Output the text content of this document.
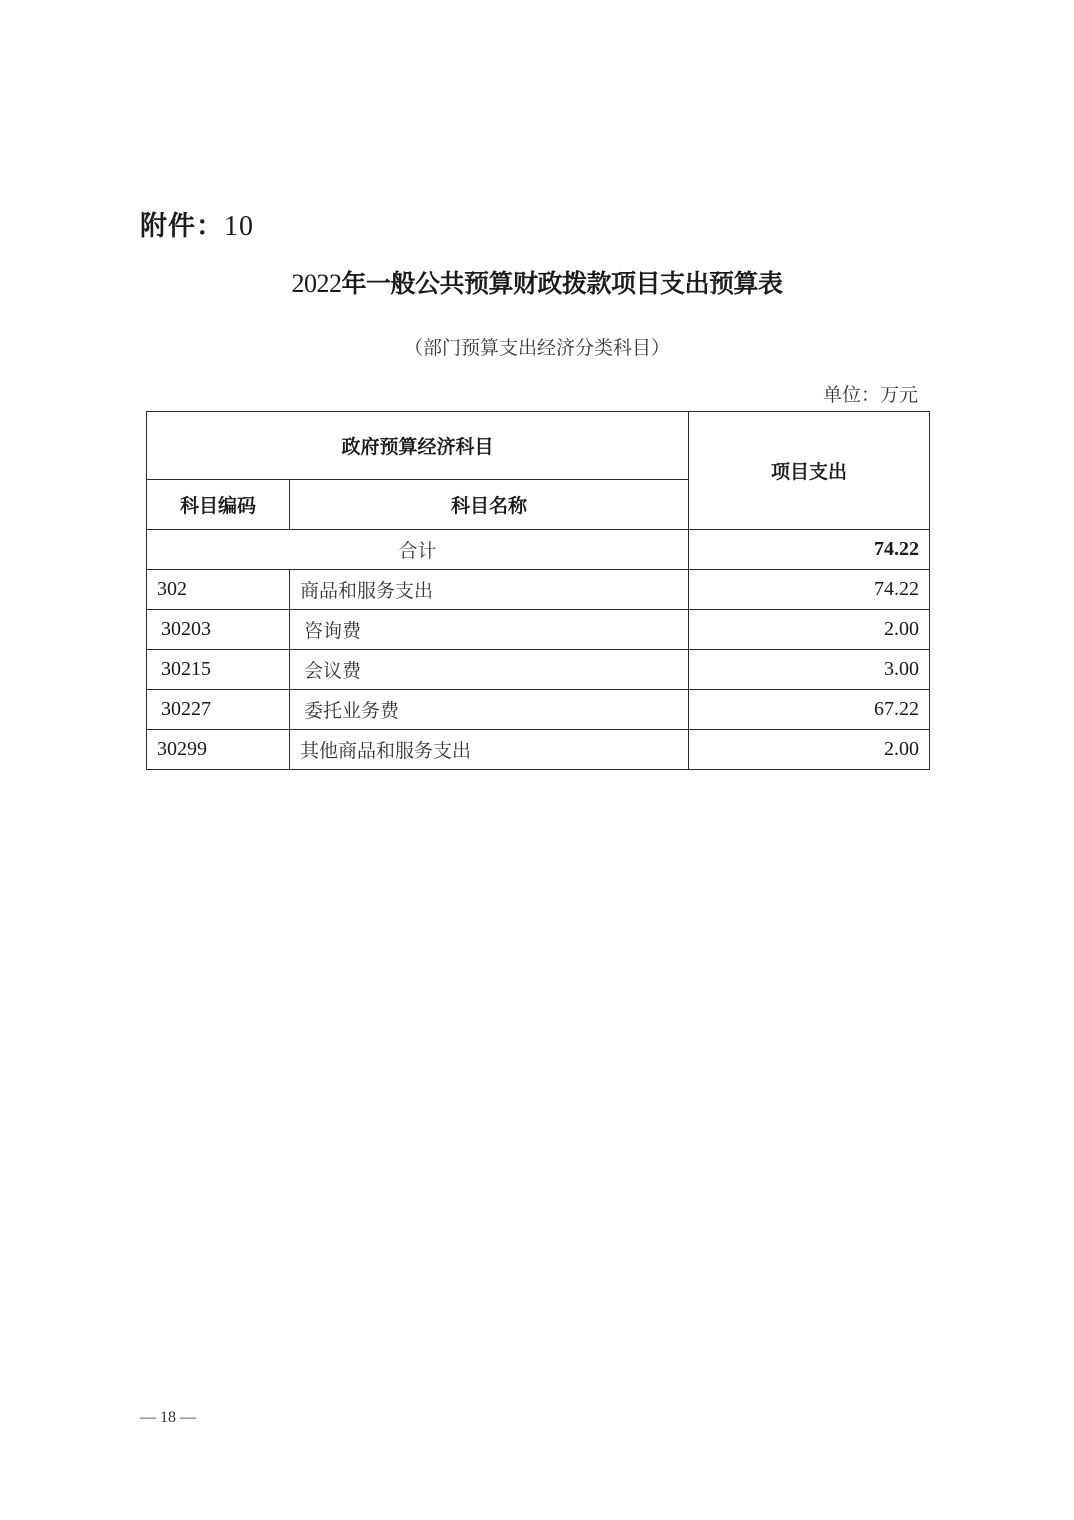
附件：10
2022年一般公共预算财政拨款项目支出预算表
（部门预算支出经济分类科目）
单位：万元
政府预算经济科目		项目支出
科目编码	科目名称	
合计		74.22
302	商品和服务支出	74.22
30203	咨询费	2.00
30215	会议费	3.00
30227	委托业务费	67.22
30299	其他商品和服务支出	2.00
— 18 —
